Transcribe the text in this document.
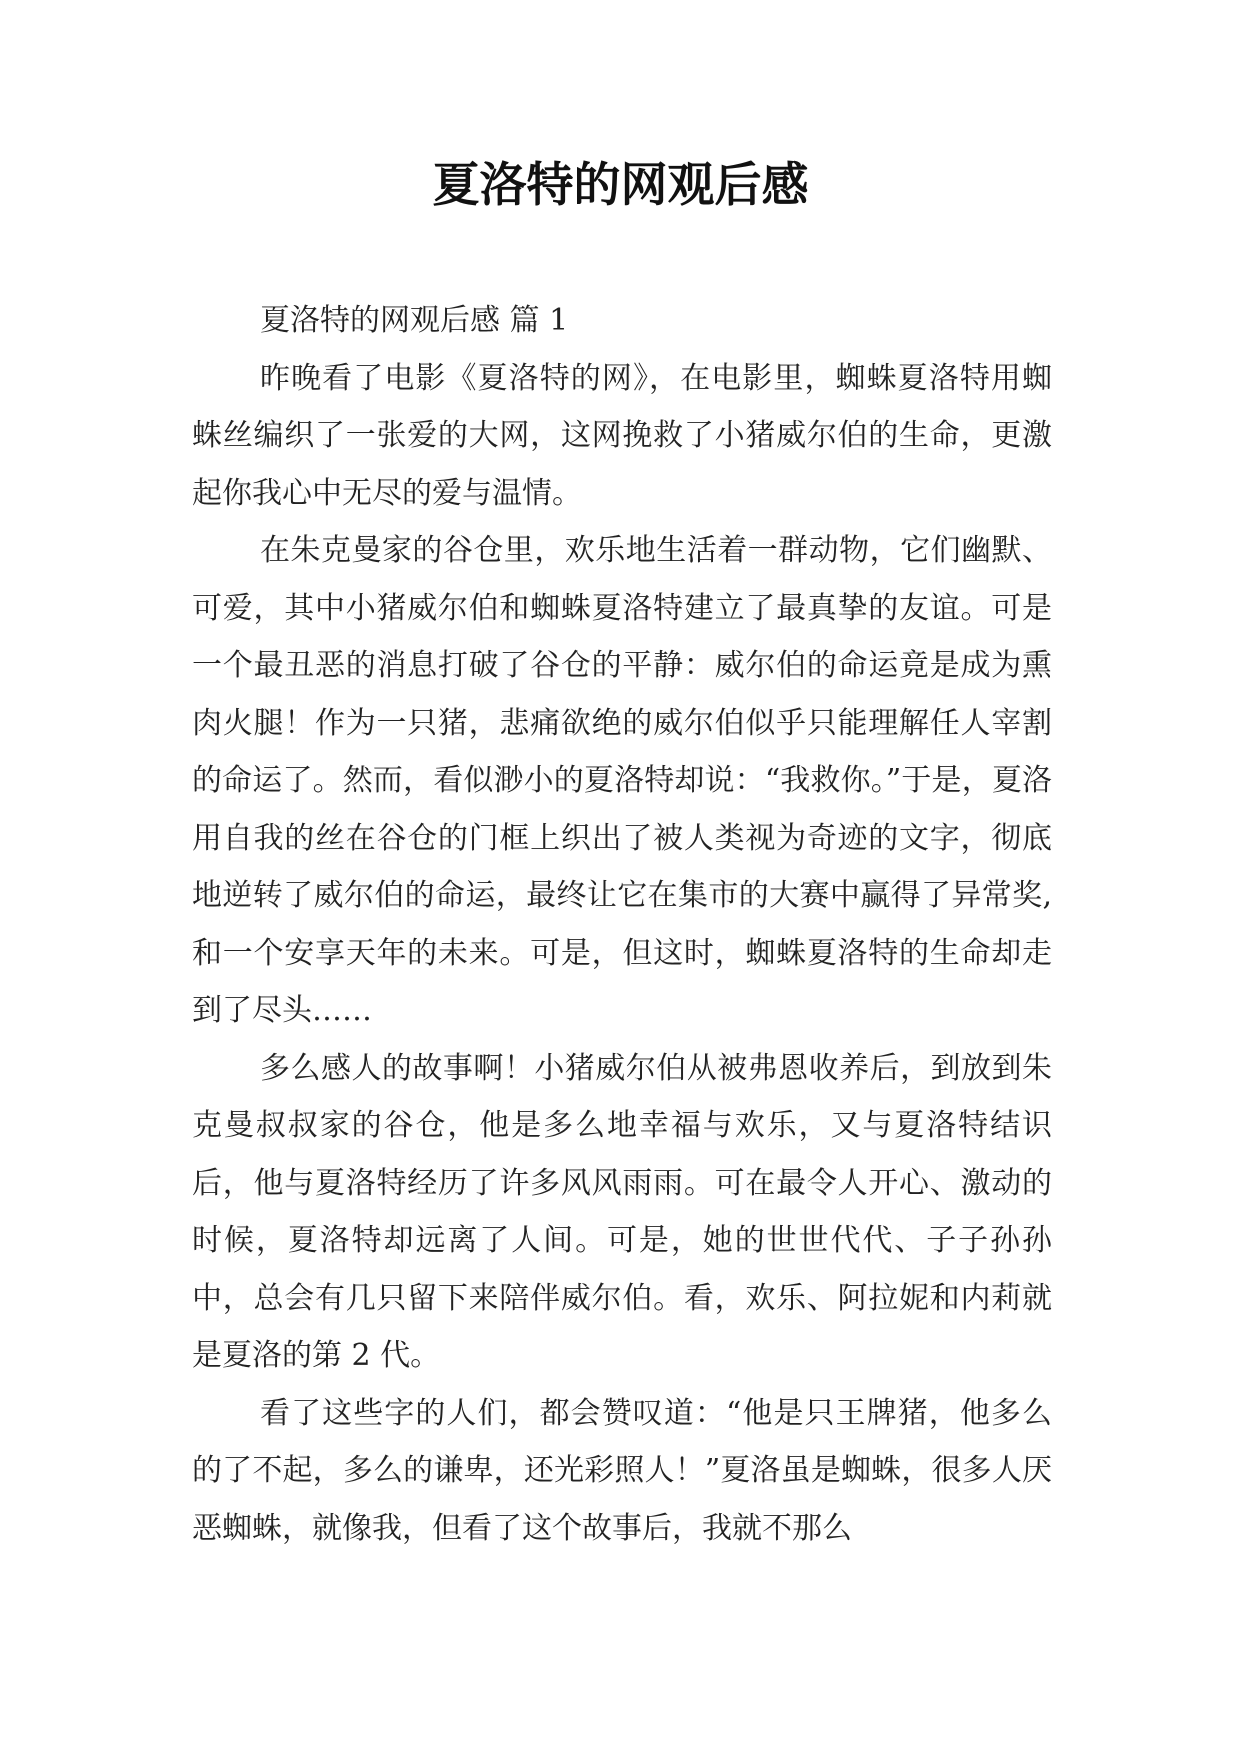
夏洛特的网观后感

夏洛特的网观后感 篇 1

昨晚看了电影《夏洛特的网》，在电影里，蜘蛛夏洛特用蜘蛛丝编织了一张爱的大网，这网挽救了小猪威尔伯的生命，更激起你我心中无尽的爱与温情。

在朱克曼家的谷仓里，欢乐地生活着一群动物，它们幽默、可爱，其中小猪威尔伯和蜘蛛夏洛特建立了最真挚的友谊。可是一个最丑恶的消息打破了谷仓的平静：威尔伯的命运竟是成为熏肉火腿！作为一只猪，悲痛欲绝的威尔伯似乎只能理解任人宰割的命运了。然而，看似渺小的夏洛特却说：“我救你。”于是，夏洛用自我的丝在谷仓的门框上织出了被人类视为奇迹的文字，彻底地逆转了威尔伯的命运，最终让它在集市的大赛中赢得了异常奖,和一个安享天年的未来。可是，但这时，蜘蛛夏洛特的生命却走到了尽头……

多么感人的故事啊！小猪威尔伯从被弗恩收养后，到放到朱克曼叔叔家的谷仓，他是多么地幸福与欢乐，又与夏洛特结识后，他与夏洛特经历了许多风风雨雨。可在最令人开心、激动的时候，夏洛特却远离了人间。可是，她的世世代代、子子孙孙中，总会有几只留下来陪伴威尔伯。看，欢乐、阿拉妮和内莉就是夏洛的第 2 代。

看了这些字的人们，都会赞叹道：“他是只王牌猪，他多么的了不起，多么的谦卑，还光彩照人！”夏洛虽是蜘蛛，很多人厌恶蜘蛛，就像我，但看了这个故事后，我就不那么
